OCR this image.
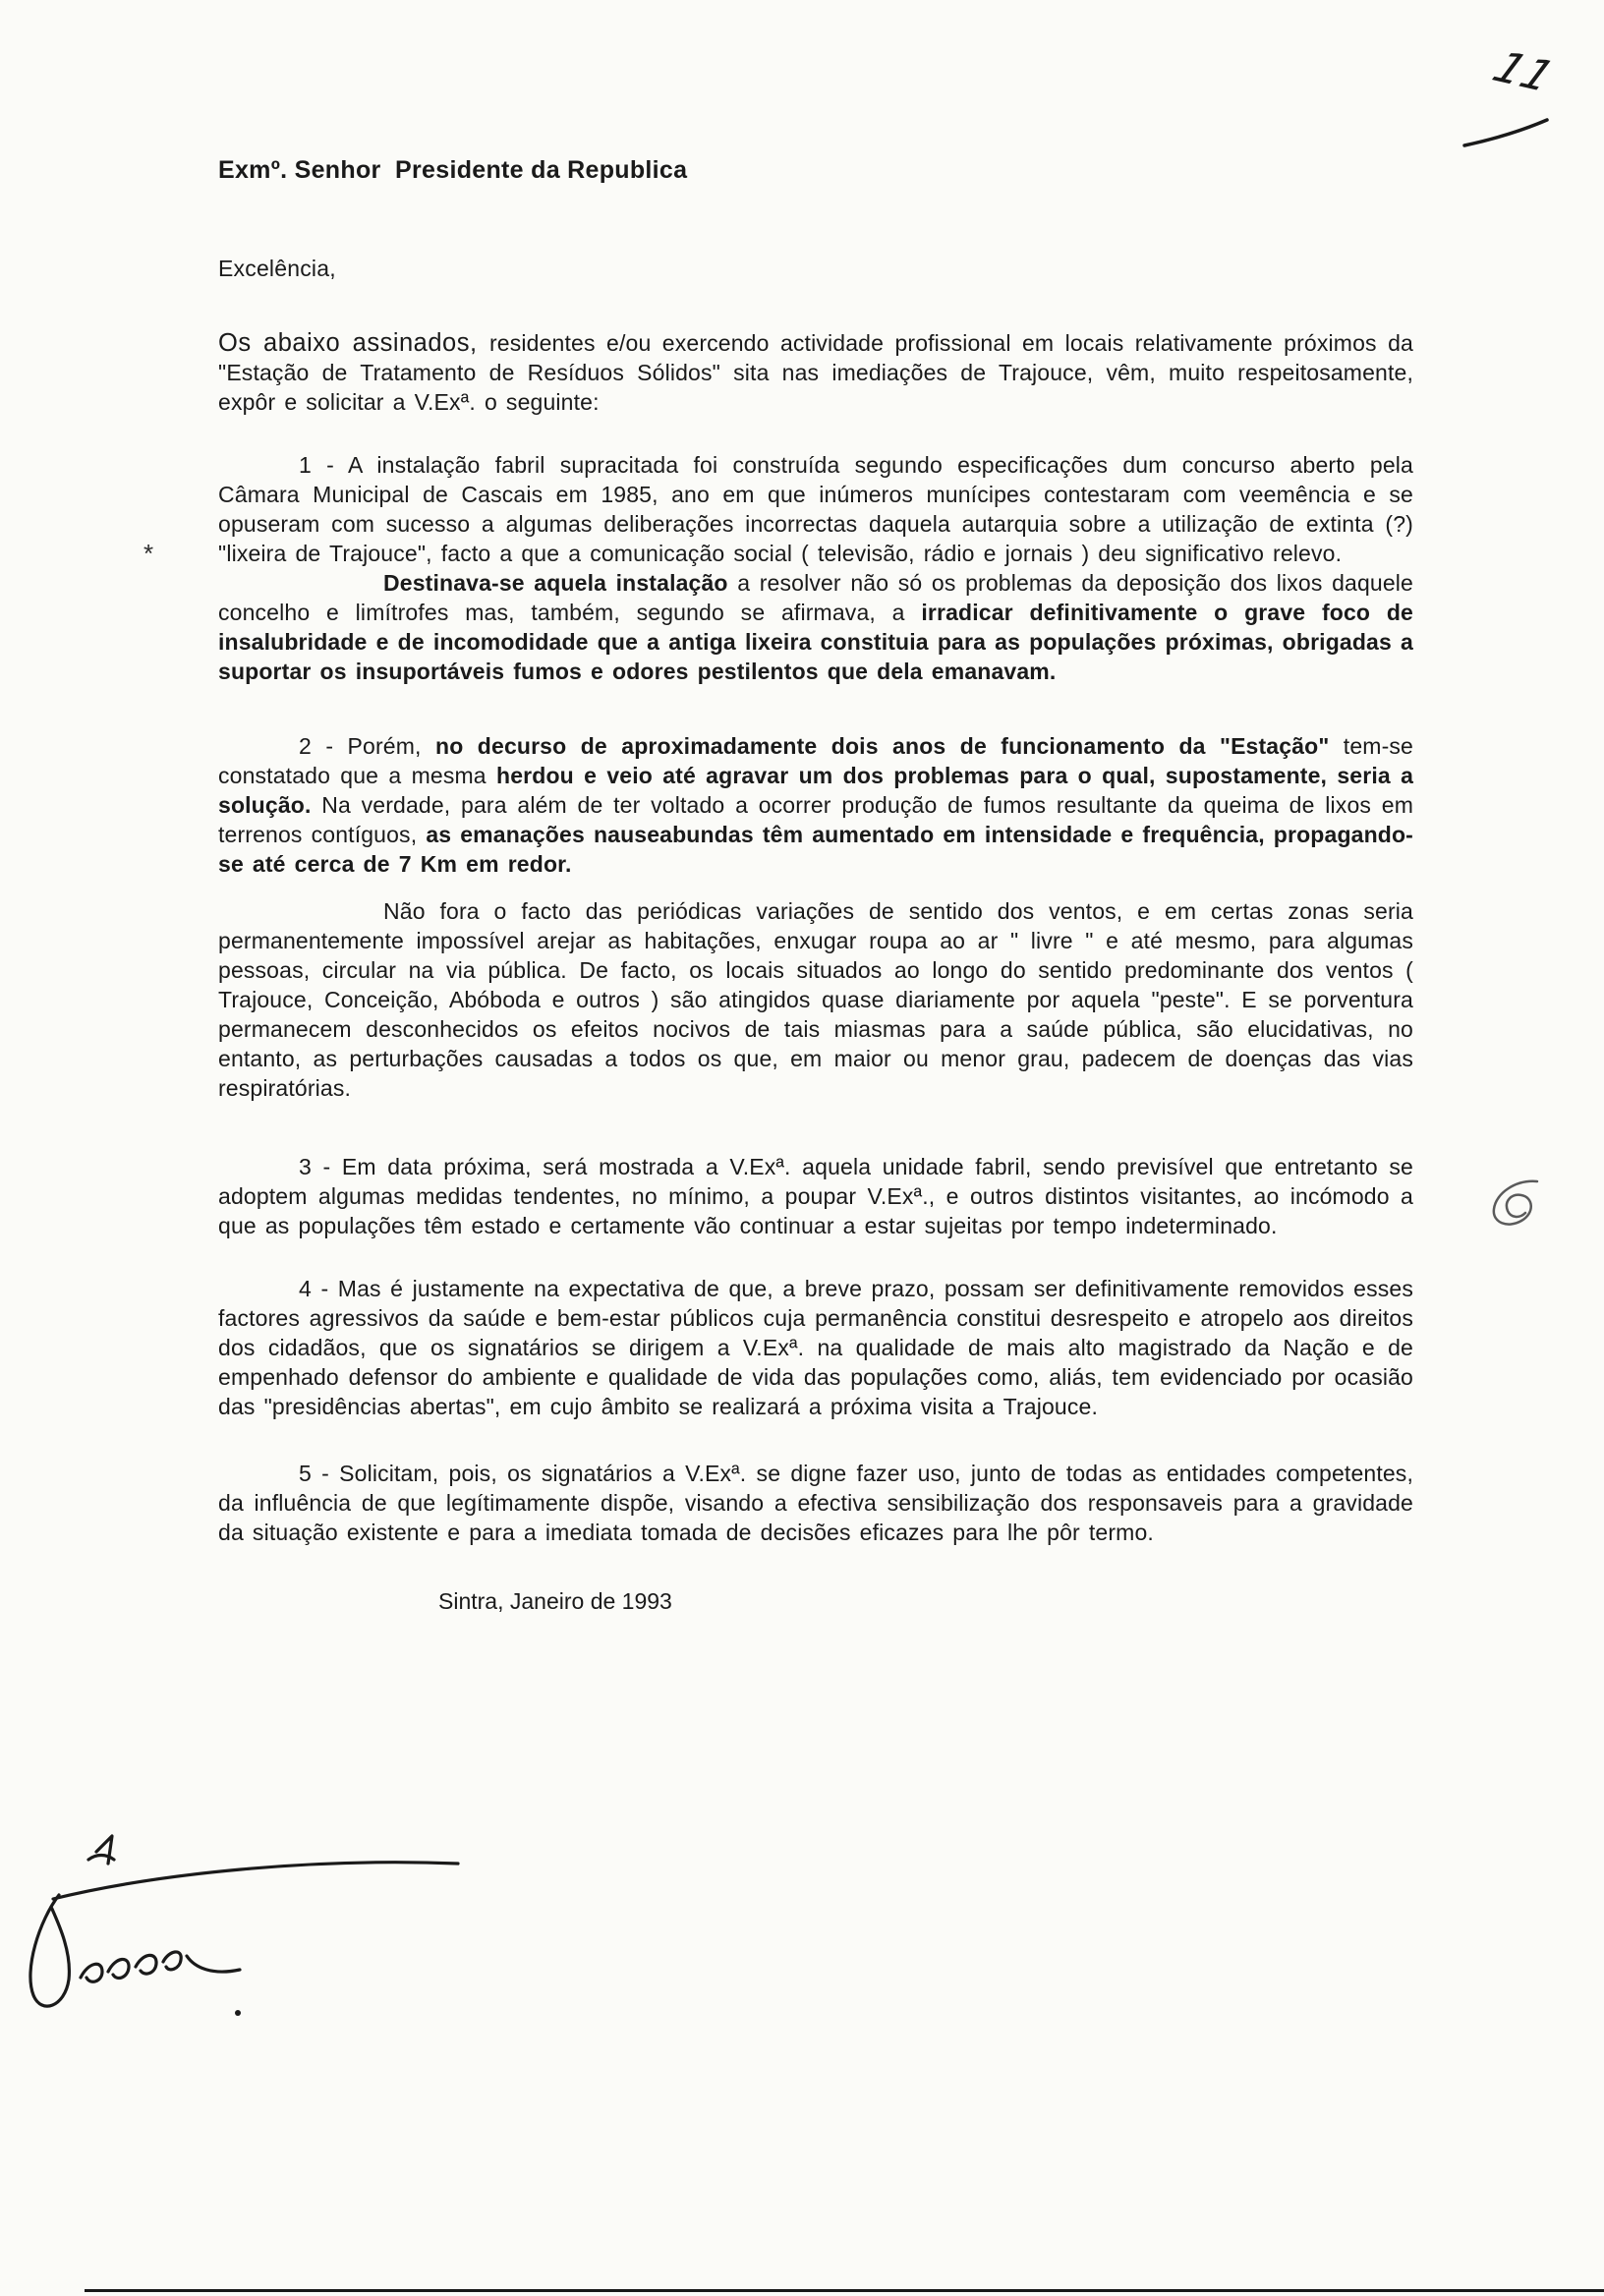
11
*
Exmº. Senhor  Presidente da Republica
Excelência,

Os abaixo assinados, residentes e/ou exercendo actividade profissional em locais relativamente próximos da "Estação de Tratamento de Resíduos Sólidos" sita nas imediações de Trajouce, vêm, muito respeitosamente, expôr e solicitar a V.Exª. o seguinte:

1 - A instalação fabril supracitada foi construída segundo especificações dum concurso aberto pela Câmara Municipal de Cascais em 1985, ano em que inúmeros munícipes contestaram com veemência e se opuseram com sucesso a algumas deliberações incorrectas daquela autarquia sobre a utilização de extinta (?) "lixeira de Trajouce", facto a que a comunicação social ( televisão, rádio e jornais ) deu significativo relevo.

Destinava-se aquela instalação a resolver não só os problemas da deposição dos lixos daquele concelho e limítrofes mas, também, segundo se afirmava, a irradicar definitivamente o grave foco de insalubridade e de incomodidade que a antiga lixeira constituia para as populações próximas, obrigadas a suportar os insuportáveis fumos e odores pestilentos que dela emanavam.

2 - Porém, no decurso de aproximadamente dois anos de funcionamento da "Estação" tem-se constatado que a mesma herdou e veio até agravar um dos problemas para o qual, supostamente, seria a solução. Na verdade, para além de ter voltado a ocorrer produção de fumos resultante da queima de lixos em terrenos contíguos, as emanações nauseabundas têm aumentado em intensidade e frequência, propagando-se até cerca de 7 Km em redor.

Não fora o facto das periódicas variações de sentido dos ventos, e em certas zonas seria permanentemente impossível arejar as habitações, enxugar roupa ao ar " livre " e até mesmo, para algumas pessoas, circular na via pública. De facto, os locais situados ao longo do sentido predominante dos ventos ( Trajouce, Conceição, Abóboda e outros ) são atingidos quase diariamente por aquela "peste". E se porventura permanecem desconhecidos os efeitos nocivos de tais miasmas para a saúde pública, são elucidativas, no entanto, as perturbações causadas a todos os que, em maior ou menor grau, padecem de doenças das vias respiratórias.

3 - Em data próxima, será mostrada a V.Exª. aquela unidade fabril, sendo previsível que entretanto se adoptem algumas medidas tendentes, no mínimo, a poupar V.Exª., e outros distintos visitantes, ao incómodo a que as populações têm estado e certamente vão continuar a estar sujeitas por tempo indeterminado.

4 - Mas é justamente na expectativa de que, a breve prazo, possam ser definitivamente removidos esses factores agressivos da saúde e bem-estar públicos cuja permanência constitui desrespeito e atropelo aos direitos dos cidadãos, que os signatários se dirigem a V.Exª. na qualidade de mais alto magistrado da Nação e de empenhado defensor do ambiente e qualidade de vida das populações como, aliás, tem evidenciado por ocasião das "presidências abertas", em cujo âmbito se realizará a próxima visita a Trajouce.

5 - Solicitam, pois, os signatários a V.Exª. se digne fazer uso, junto de todas as entidades competentes, da influência de que legítimamente dispõe, visando a efectiva sensibilização dos responsaveis para a gravidade da situação existente e para a imediata tomada de decisões eficazes para lhe pôr termo.

Sintra, Janeiro de 1993
